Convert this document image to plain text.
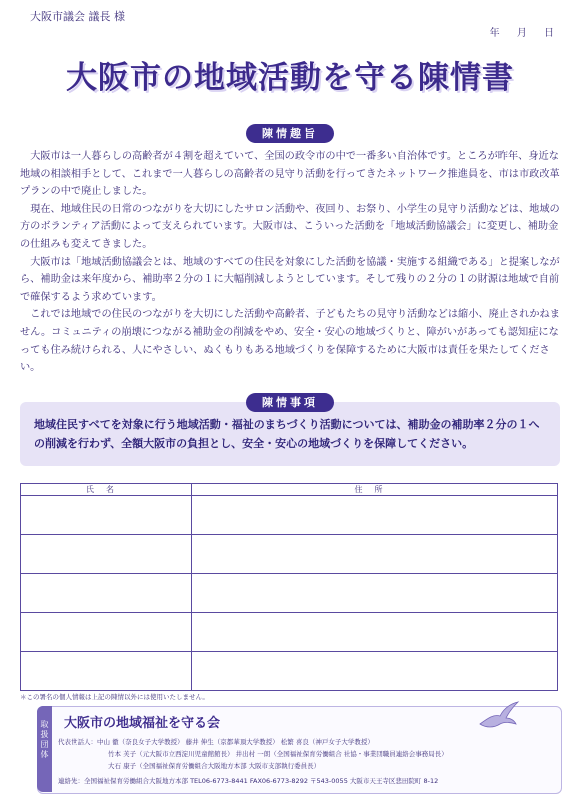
大阪市議会 議長 様
年 月 日
大阪市の地域活動を守る陳情書
陳情趣旨

大阪市は一人暮らしの高齢者が４割を超えていて、全国の政令市の中で一番多い自治体です。ところが昨年、身近な地域の相談相手として、これまで一人暮らしの高齢者の見守り活動を行ってきたネットワーク推進員を、市は市政改革プランの中で廃止しました。

現在、地域住民の日常のつながりを大切にしたサロン活動や、夜回り、お祭り、小学生の見守り活動などは、地域の方のボランティア活動によって支えられています。大阪市は、こういった活動を「地域活動協議会」に変更し、補助金の仕組みも変えてきました。

大阪市は「地域活動協議会とは、地域のすべての住民を対象にした活動を協議・実施する組織である」と提案しながら、補助金は来年度から、補助率２分の１に大幅削減しようとしています。そして残りの２分の１の財源は地域で自前で確保するよう求めています。

これでは地域での住民のつながりを大切にした活動や高齢者、子どもたちの見守り活動などは縮小、廃止されかねません。コミュニティの崩壊につながる補助金の削減をやめ、安全・安心の地域づくりと、障がいがあっても認知症になっても住み続けられる、人にやさしい、ぬくもりもある地域づくりを保障するために大阪市は責任を果たしてください。

陳情事項
地域住民すべてを対象に行う地域活動・福祉のまちづくり活動については、補助金の補助率２分の１への削減を行わず、全額大阪市の負担とし、安全・安心の地域づくりを保障してください。
氏名	住所

＊この署名の個人情報は上記の陳情以外には使用いたしません。
取扱団体
大阪市の地域福祉を守る会
代表世話人：中山 徹（奈良女子大学教授） 藤井 伸生（京都華頂大学教授） 松繁 喜良（神戸女子大学教授）
竹本 芙子（元大阪市立西淀川児童館館長） 井出村 一朗（全国福祉保育労働組合 社協・事業団職員連絡会事務局長）
大石 康子（全国福祉保育労働組合大阪地方本部 大阪市支部執行委員長）
連絡先：全国福祉保育労働組合大阪地方本部 TEL06-6773-8441 FAX06-6773-8292 〒543-0055 大阪市天王寺区悲田院町 8-12
